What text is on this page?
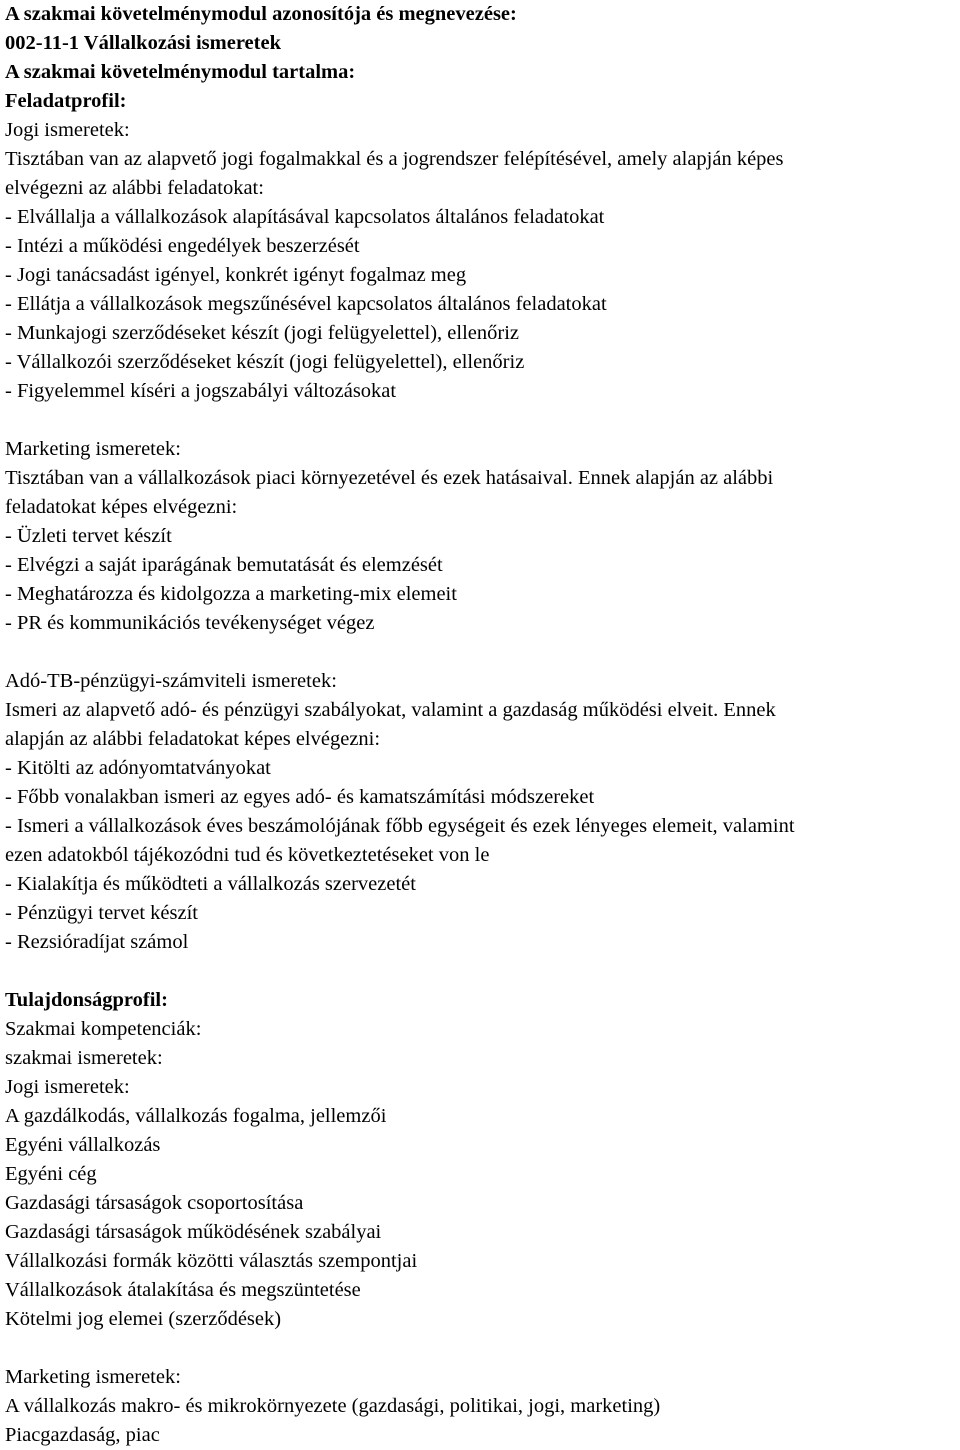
A szakmai követelménymodul azonosítója és megnevezése:
002-11-1 Vállalkozási ismeretek
A szakmai követelménymodul tartalma:
Feladatprofil:
Jogi ismeretek:
Tisztában van az alapvető jogi fogalmakkal és a jogrendszer felépítésével, amely alapján képes
elvégezni az alábbi feladatokat:
- Elvállalja a vállalkozások alapításával kapcsolatos általános feladatokat
- Intézi a működési engedélyek beszerzését
- Jogi tanácsadást igényel, konkrét igényt fogalmaz meg
- Ellátja a vállalkozások megszűnésével kapcsolatos általános feladatokat
- Munkajogi szerződéseket készít (jogi felügyelettel), ellenőriz
- Vállalkozói szerződéseket készít (jogi felügyelettel), ellenőriz
- Figyelemmel kíséri a jogszabályi változásokat
Marketing ismeretek:
Tisztában van a vállalkozások piaci környezetével és ezek hatásaival. Ennek alapján az alábbi
feladatokat képes elvégezni:
- Üzleti tervet készít
- Elvégzi a saját iparágának bemutatását és elemzését
- Meghatározza és kidolgozza a marketing-mix elemeit
- PR és kommunikációs tevékenységet végez
Adó-TB-pénzügyi-számviteli ismeretek:
Ismeri az alapvető adó- és pénzügyi szabályokat, valamint a gazdaság működési elveit. Ennek
alapján az alábbi feladatokat képes elvégezni:
- Kitölti az adónyomtatványokat
- Főbb vonalakban ismeri az egyes adó- és kamatszámítási módszereket
- Ismeri a vállalkozások éves beszámolójának főbb egységeit és ezek lényeges elemeit, valamint
ezen adatokból tájékozódni tud és következtetéseket von le
- Kialakítja és működteti a vállalkozás szervezetét
- Pénzügyi tervet készít
- Rezsióradíjat számol
Tulajdonságprofil:
Szakmai kompetenciák:
szakmai ismeretek:
Jogi ismeretek:
A gazdálkodás, vállalkozás fogalma, jellemzői
Egyéni vállalkozás
Egyéni cég
Gazdasági társaságok csoportosítása
Gazdasági társaságok működésének szabályai
Vállalkozási formák közötti választás szempontjai
Vállalkozások átalakítása és megszüntetése
Kötelmi jog elemei (szerződések)
Marketing ismeretek:
A vállalkozás makro- és mikrokörnyezete (gazdasági, politikai, jogi, marketing)
Piacgazdaság, piac
